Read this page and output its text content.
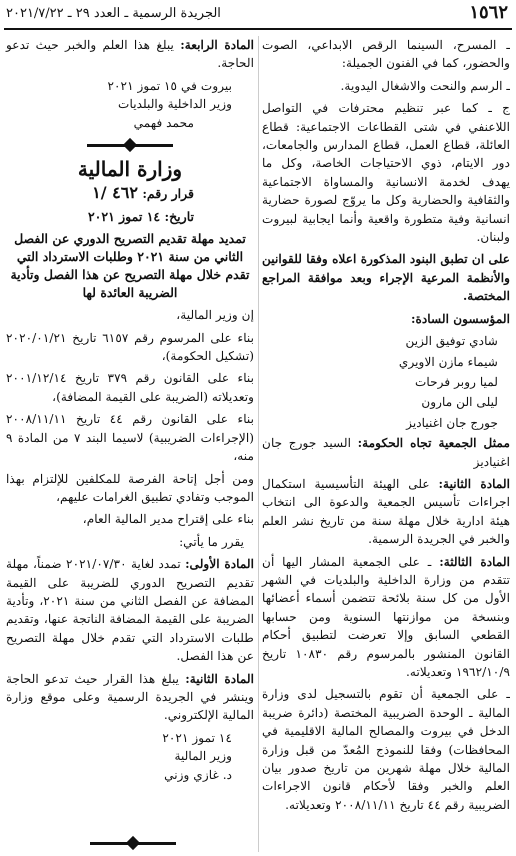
١٥٦٢
الجريدة الرسمية ـ العدد ٢٩ ـ ٢٠٢١/٧/٢٢

ـ المسرح، السينما الرقص الابداعي، الصوت والحضور، كما في الفنون الجميلة:

ـ الرسم والنحت والاشغال اليدوية.

ج ـ كما عبر تنظيم محترفات في التواصل اللاعنفي في شتى القطاعات الاجتماعية: قطاع العائلة، قطاع العمل، قطاع المدارس والجامعات، دور الايتام، ذوي الاحتياجات الخاصة، وكل ما يهدف لخدمة الانسانية والمساواة الاجتماعية والثقافية والحضارية وكل ما يروّج لصورة حضارية انسانية وفية متطورة واقعية وأنما ايجابية لبيروت ولبنان.

على ان تطبق البنود المذكورة اعلاه وفقا للقوانين والأنظمة المرعية الإجراء وبعد موافقة المراجع المختصة.

المؤسسون السادة:

شادي توفيق الزين

شيماء مازن الاويري

لميا روبر فرحات

ليلى الن مارون

جورج جان اغنياديز

ممثل الجمعية تجاه الحكومة: السيد جورج جان اغنياديز

المادة الثانية: على الهيئة التأسيسية استكمال اجراءات تأسيس الجمعية والدعوة الى انتخاب هيئة ادارية خلال مهلة سنة من تاريخ نشر العلم والخبر في الجريدة الرسمية.

المادة الثالثة: ـ على الجمعية المشار اليها أن تتقدم من وزارة الداخلية والبلديات في الشهر الأول من كل سنة بلائحة تتضمن أسماء أعضائها وبنسخة من موازنتها السنوية ومن حسابها القطعي السابق وإلا تعرضت لتطبيق أحكام القانون المنشور بالمرسوم رقم ١٠٨٣٠ تاريخ ١٩٦٢/١٠/٩ وتعديلاته.

ـ على الجمعية أن تقوم بالتسجيل لدى وزارة المالية ـ الوحدة الضريبية المختصة (دائرة ضريبة الدخل في بيروت والمصالح المالية الاقليمية في المحافظات) وفقا للنموذج المُعدّ من قبل وزارة المالية خلال مهلة شهرين من تاريخ صدور بيان العلم والخبر وفقا لأحكام قانون الاجراءات الضريبية رقم ٤٤ تاريخ ٢٠٠٨/١١/١١ وتعديلاته.

المادة الرابعة: يبلغ هذا العلم والخبر حيث تدعو الحاجة.

بيروت في ١٥ تموز ٢٠٢١

وزير الداخلية والبلديات

محمد فهمي

وزارة المالية

قرار رقم: ٤٦٢ /١

تاريخ: ١٤ تموز ٢٠٢١

تمديد مهلة تقديم التصريح الدوري عن الفصل الثاني من سنة ٢٠٢١ وطلبات الاسترداد التي تقدم خلال مهلة التصريح عن هذا الفصل وتأدية الضريبة العائدة لها

إن وزير المالية،

بناء على المرسوم رقم ٦١٥٧ تاريخ ٢٠٢٠/٠١/٢١ (تشكيل الحكومة)،

بناء على القانون رقم ٣٧٩ تاريخ ٢٠٠١/١٢/١٤ وتعديلاته (الضريبة على القيمة المضافة)،

بناء على القانون رقم ٤٤ تاريخ ٢٠٠٨/١١/١١ (الإجراءات الضريبية) لاسيما البند ٧ من المادة ٩ منه،

ومن أجل إتاحة الفرصة للمكلفين للإلتزام بهذا الموجب وتفادي تطبيق الغرامات عليهم،

بناء على إقتراح مدير المالية العام،

يقرر ما يأتي:

المادة الأولى: تمدد لغاية ٢٠٢١/٠٧/٣٠ ضمناً، مهلة تقديم التصريح الدوري للضريبة على القيمة المضافة عن الفصل الثاني من سنة ٢٠٢١، وتأدية الضريبة على القيمة المضافة الناتجة عنها، وتقديم طلبات الاسترداد التي تقدم خلال مهلة التصريح عن هذا الفصل.

المادة الثانية: يبلغ هذا القرار حيث تدعو الحاجة وينشر في الجريدة الرسمية وعلى موقع وزارة المالية الإلكتروني.

١٤ تموز ٢٠٢١

وزير المالية

د. غازي وزني
